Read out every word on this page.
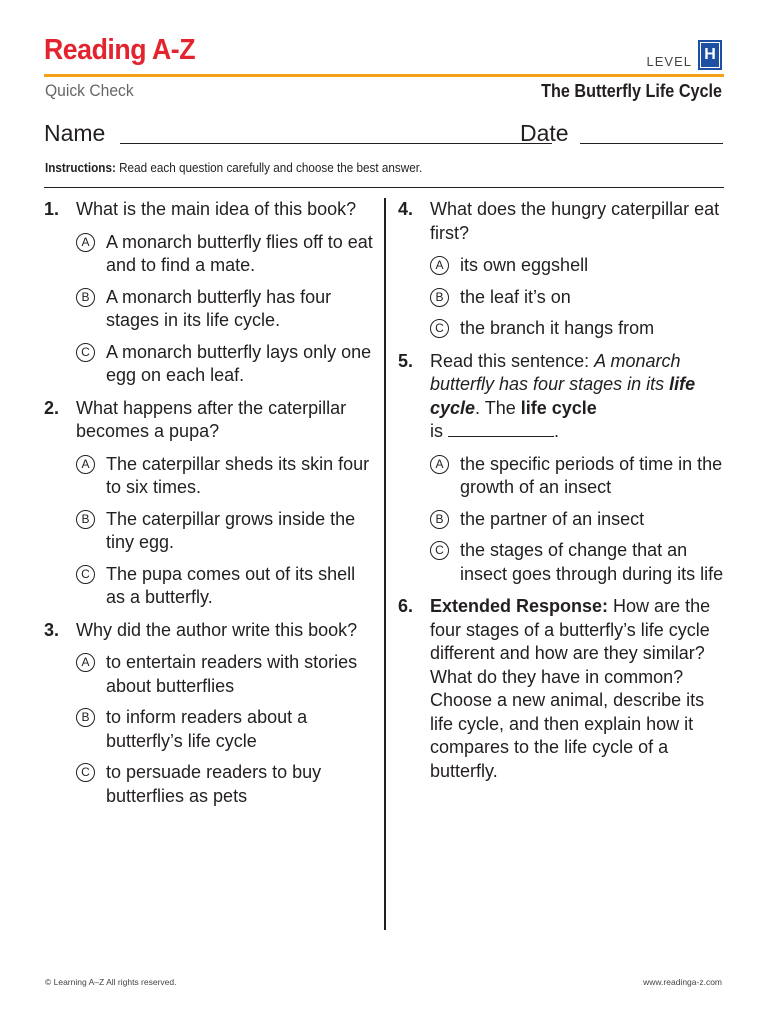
Reading A-Z	LEVEL H
Quick Check	The Butterfly Life Cycle
Name	Date
Instructions: Read each question carefully and choose the best answer.
1. What is the main idea of this book?
A A monarch butterfly flies off to eat and to find a mate.
B A monarch butterfly has four stages in its life cycle.
C A monarch butterfly lays only one egg on each leaf.
2. What happens after the caterpillar becomes a pupa?
A The caterpillar sheds its skin four to six times.
B The caterpillar grows inside the tiny egg.
C The pupa comes out of its shell as a butterfly.
3. Why did the author write this book?
A to entertain readers with stories about butterflies
B to inform readers about a butterfly’s life cycle
C to persuade readers to buy butterflies as pets
4. What does the hungry caterpillar eat first?
A its own eggshell
B the leaf it’s on
C the branch it hangs from
5. Read this sentence: A monarch butterfly has four stages in its life cycle. The life cycle
is	.
A the specific periods of time in the growth of an insect
B the partner of an insect
C the stages of change that an insect goes through during its life
6. Extended Response: How are the four stages of a butterfly’s life cycle different and how are they similar? What do they have in common? Choose a new animal, describe its life cycle, and then explain how it compares to the life cycle of a butterfly.
© Learning A–Z All rights reserved.	www.readinga-z.com
